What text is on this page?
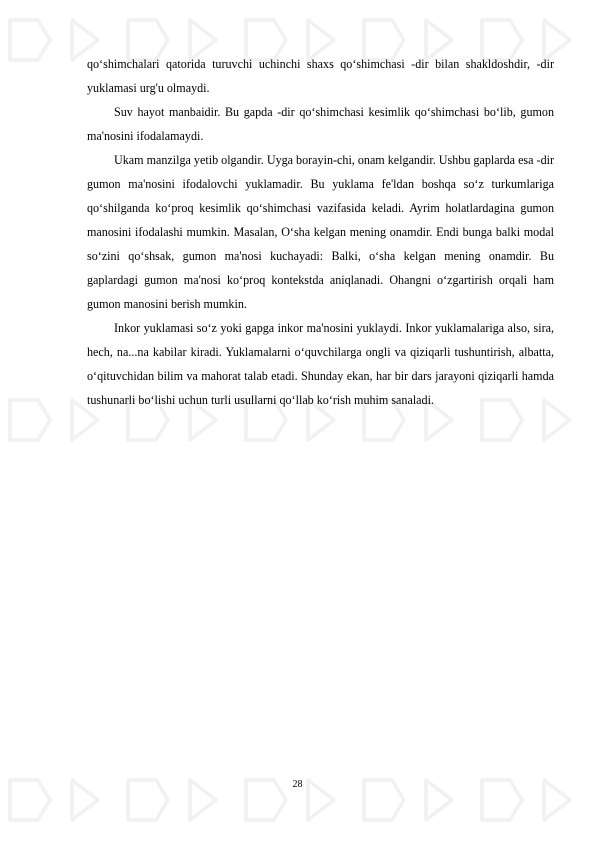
qo‘shimchalari qatorida turuvchi uchinchi shaxs qo‘shimchasi -dir bilan shakldoshdir, -dir yuklamasi urg'u olmaydi.

Suv hayot manbaidir. Bu gapda -dir qo‘shimchasi kesimlik qo‘shimchasi bo‘lib, gumon ma'nosini ifodalamaydi.

Ukam manzilga yetib olgandir. Uyga borayin-chi, onam kelgandir. Ushbu gaplarda esa -dir gumon ma'nosini ifodalovchi yuklamadir. Bu yuklama fe'ldan boshqa so‘z turkumlariga qo‘shilganda ko‘proq kesimlik qo‘shimchasi vazifasida keladi. Ayrim holatlardagina gumon manosini ifodalashi mumkin. Masalan, O‘sha kelgan mening onamdir. Endi bunga balki modal so‘zini qo‘shsak, gumon ma'nosi kuchayadi: Balki, o‘sha kelgan mening onamdir. Bu gaplardagi gumon ma'nosi ko‘proq kontekstda aniqlanadi. Ohangni o‘zgartirish orqali ham gumon manosini berish mumkin.

Inkor yuklamasi so‘z yoki gapga inkor ma'nosini yuklaydi. Inkor yuklamalariga also, sira, hech, na...na kabilar kiradi. Yuklamalarni o‘quvchilarga ongli va qiziqarli tushuntirish, albatta, o‘qituvchidan bilim va mahorat talab etadi. Shunday ekan, har bir dars jarayoni qiziqarli hamda tushunarli bo‘lishi uchun turli usullarni qo‘llab ko‘rish muhim sanaladi.

28
